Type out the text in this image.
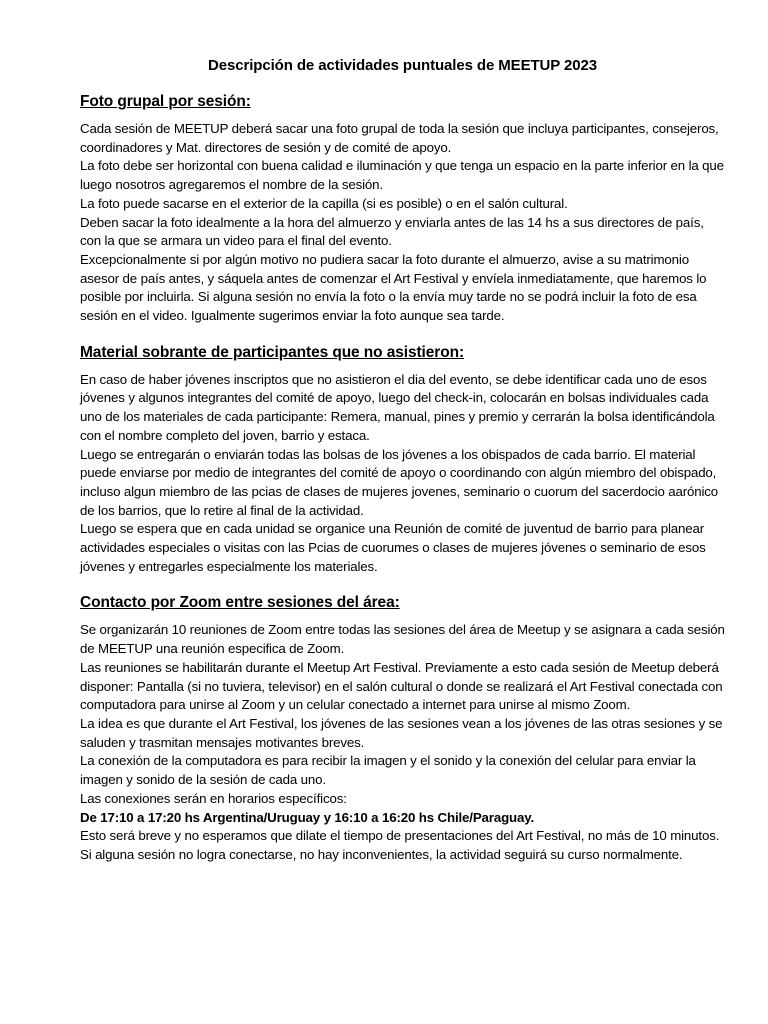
Descripción de actividades puntuales de MEETUP 2023
Foto grupal por sesión:

Cada sesión de MEETUP deberá sacar una foto grupal de toda la sesión que incluya participantes, consejeros, coordinadores y Mat. directores de sesión y de comité de apoyo.

La foto debe ser horizontal con buena calidad e iluminación y que tenga un espacio en la parte inferior en la que luego nosotros agregaremos el nombre de la sesión.

La foto puede sacarse en el exterior de la capilla (si es posible) o en el salón cultural.

Deben sacar la foto idealmente a la hora del almuerzo y enviarla antes de las 14 hs a sus directores de país, con la que se armara un video para el final del evento.

Excepcionalmente si por algún motivo no pudiera sacar la foto durante el almuerzo, avise a su matrimonio asesor de país antes, y sáquela antes de comenzar el Art Festival y envíela inmediatamente, que haremos lo posible por incluirla. Si alguna sesión no envía la foto o la envía muy tarde no se podrá incluir la foto de esa sesión en el video. Igualmente sugerimos enviar la foto aunque sea tarde.

Material sobrante de participantes que no asistieron:

En caso de haber jóvenes inscriptos que no asistieron el dia del evento, se debe identificar cada uno de esos jóvenes y algunos integrantes del comité de apoyo, luego del check-in, colocarán en bolsas individuales cada uno de los materiales de cada participante: Remera, manual, pines y premio y cerrarán la bolsa identificándola con el nombre completo del joven, barrio y estaca.

Luego se entregarán o enviarán todas las bolsas de los jóvenes a los obispados de cada barrio. El material puede enviarse por medio de integrantes del comité de apoyo o coordinando con algún miembro del obispado, incluso algun miembro de las pcias de clases de mujeres jovenes, seminario o cuorum del sacerdocio aarónico de los barrios, que lo retire al final de la actividad.

Luego se espera que en cada unidad se organice una Reunión de comité de juventud de barrio para planear actividades especiales o visitas con las Pcias de cuorumes o clases de mujeres jóvenes o seminario de esos jóvenes y entregarles especialmente los materiales.

Contacto por Zoom entre sesiones del área:

Se organizarán 10 reuniones de Zoom entre todas las sesiones del área de Meetup y se asignara a cada sesión de MEETUP una reunión especifica de Zoom.

Las reuniones se habilitarán durante el Meetup Art Festival. Previamente a esto cada sesión de Meetup deberá disponer: Pantalla (si no tuviera, televisor) en el salón cultural o donde se realizará el Art Festival conectada con computadora para unirse al Zoom y un celular conectado a internet para unirse al mismo Zoom.

La idea es que durante el Art Festival, los jóvenes de las sesiones vean a los jóvenes de las otras sesiones y se saluden y trasmitan mensajes motivantes breves.

La conexión de la computadora es para recibir la imagen y el sonido y la conexión del celular para enviar la imagen y sonido de la sesión de cada uno.

Las conexiones serán en horarios específicos:

De 17:10 a 17:20 hs Argentina/Uruguay y 16:10 a 16:20 hs Chile/Paraguay.

Esto será breve y no esperamos que dilate el tiempo de presentaciones del Art Festival, no más de 10 minutos. Si alguna sesión no logra conectarse, no hay inconvenientes, la actividad seguirá su curso normalmente.
